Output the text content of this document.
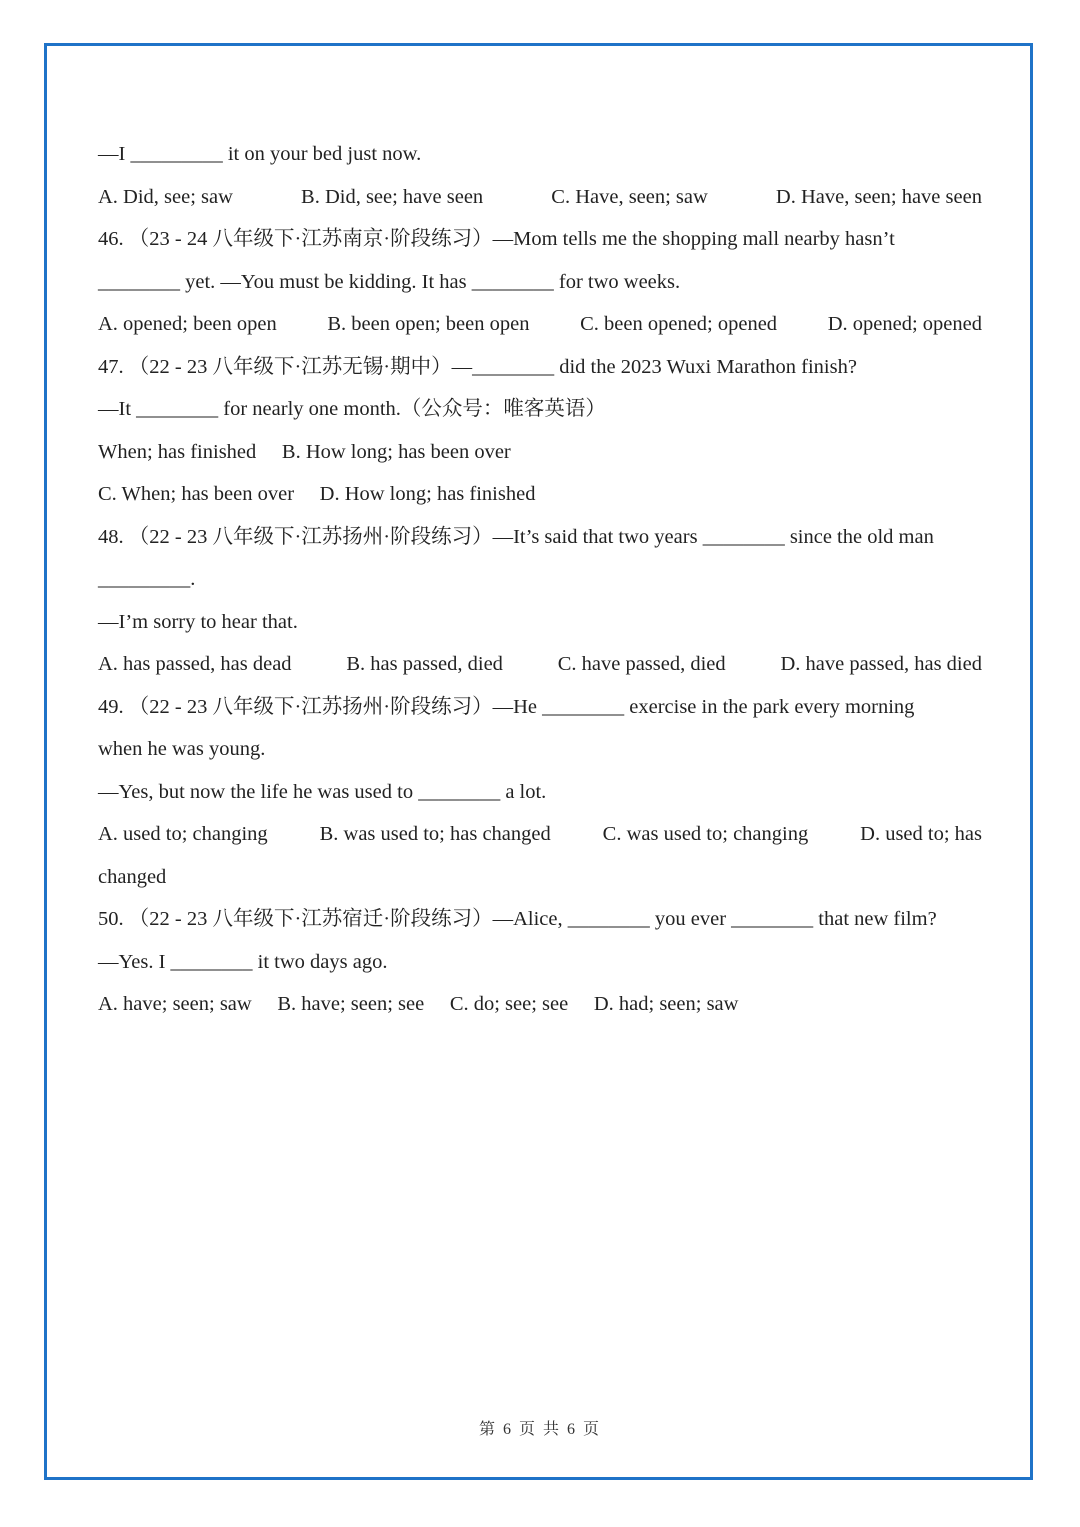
—I _________ it on your bed just now.
A. Did, see; saw	B. Did, see; have seen	C. Have, seen; saw	D. Have, seen; have seen
46. （23 - 24 八年级下·江苏南京·阶段练习）—Mom tells me the shopping mall nearby hasn’t
________ yet. —You must be kidding. It has ________ for two weeks.
A. opened; been open B. been open; been open C. been opened; opened D. opened; opened
47. （22 - 23 八年级下·江苏无锡·期中）—________ did the 2023 Wuxi Marathon finish?
—It ________ for nearly one month.（公众号：唯客英语）
When; has finished     B. How long; has been over
C. When; has been over     D. How long; has finished
48. （22 - 23 八年级下·江苏扬州·阶段练习）—It’s said that two years ________ since the old man
_________.
—I’m sorry to hear that.
A. has passed, has dead	B. has passed, died	C. have passed, died	D. have passed, has died
49. （22 - 23 八年级下·江苏扬州·阶段练习）—He ________ exercise in the park every morning
when he was young.
—Yes, but now the life he was used to ________ a lot.
A. used to; changing	B. was used to; has changed	C. was used to; changing	D. used to; has
changed
50. （22 - 23 八年级下·江苏宿迁·阶段练习）—Alice, ________ you ever ________ that new film?
—Yes. I ________ it two days ago.
A. have; seen; saw     B. have; seen; see     C. do; see; see     D. had; seen; saw
第 6 页 共 6 页
